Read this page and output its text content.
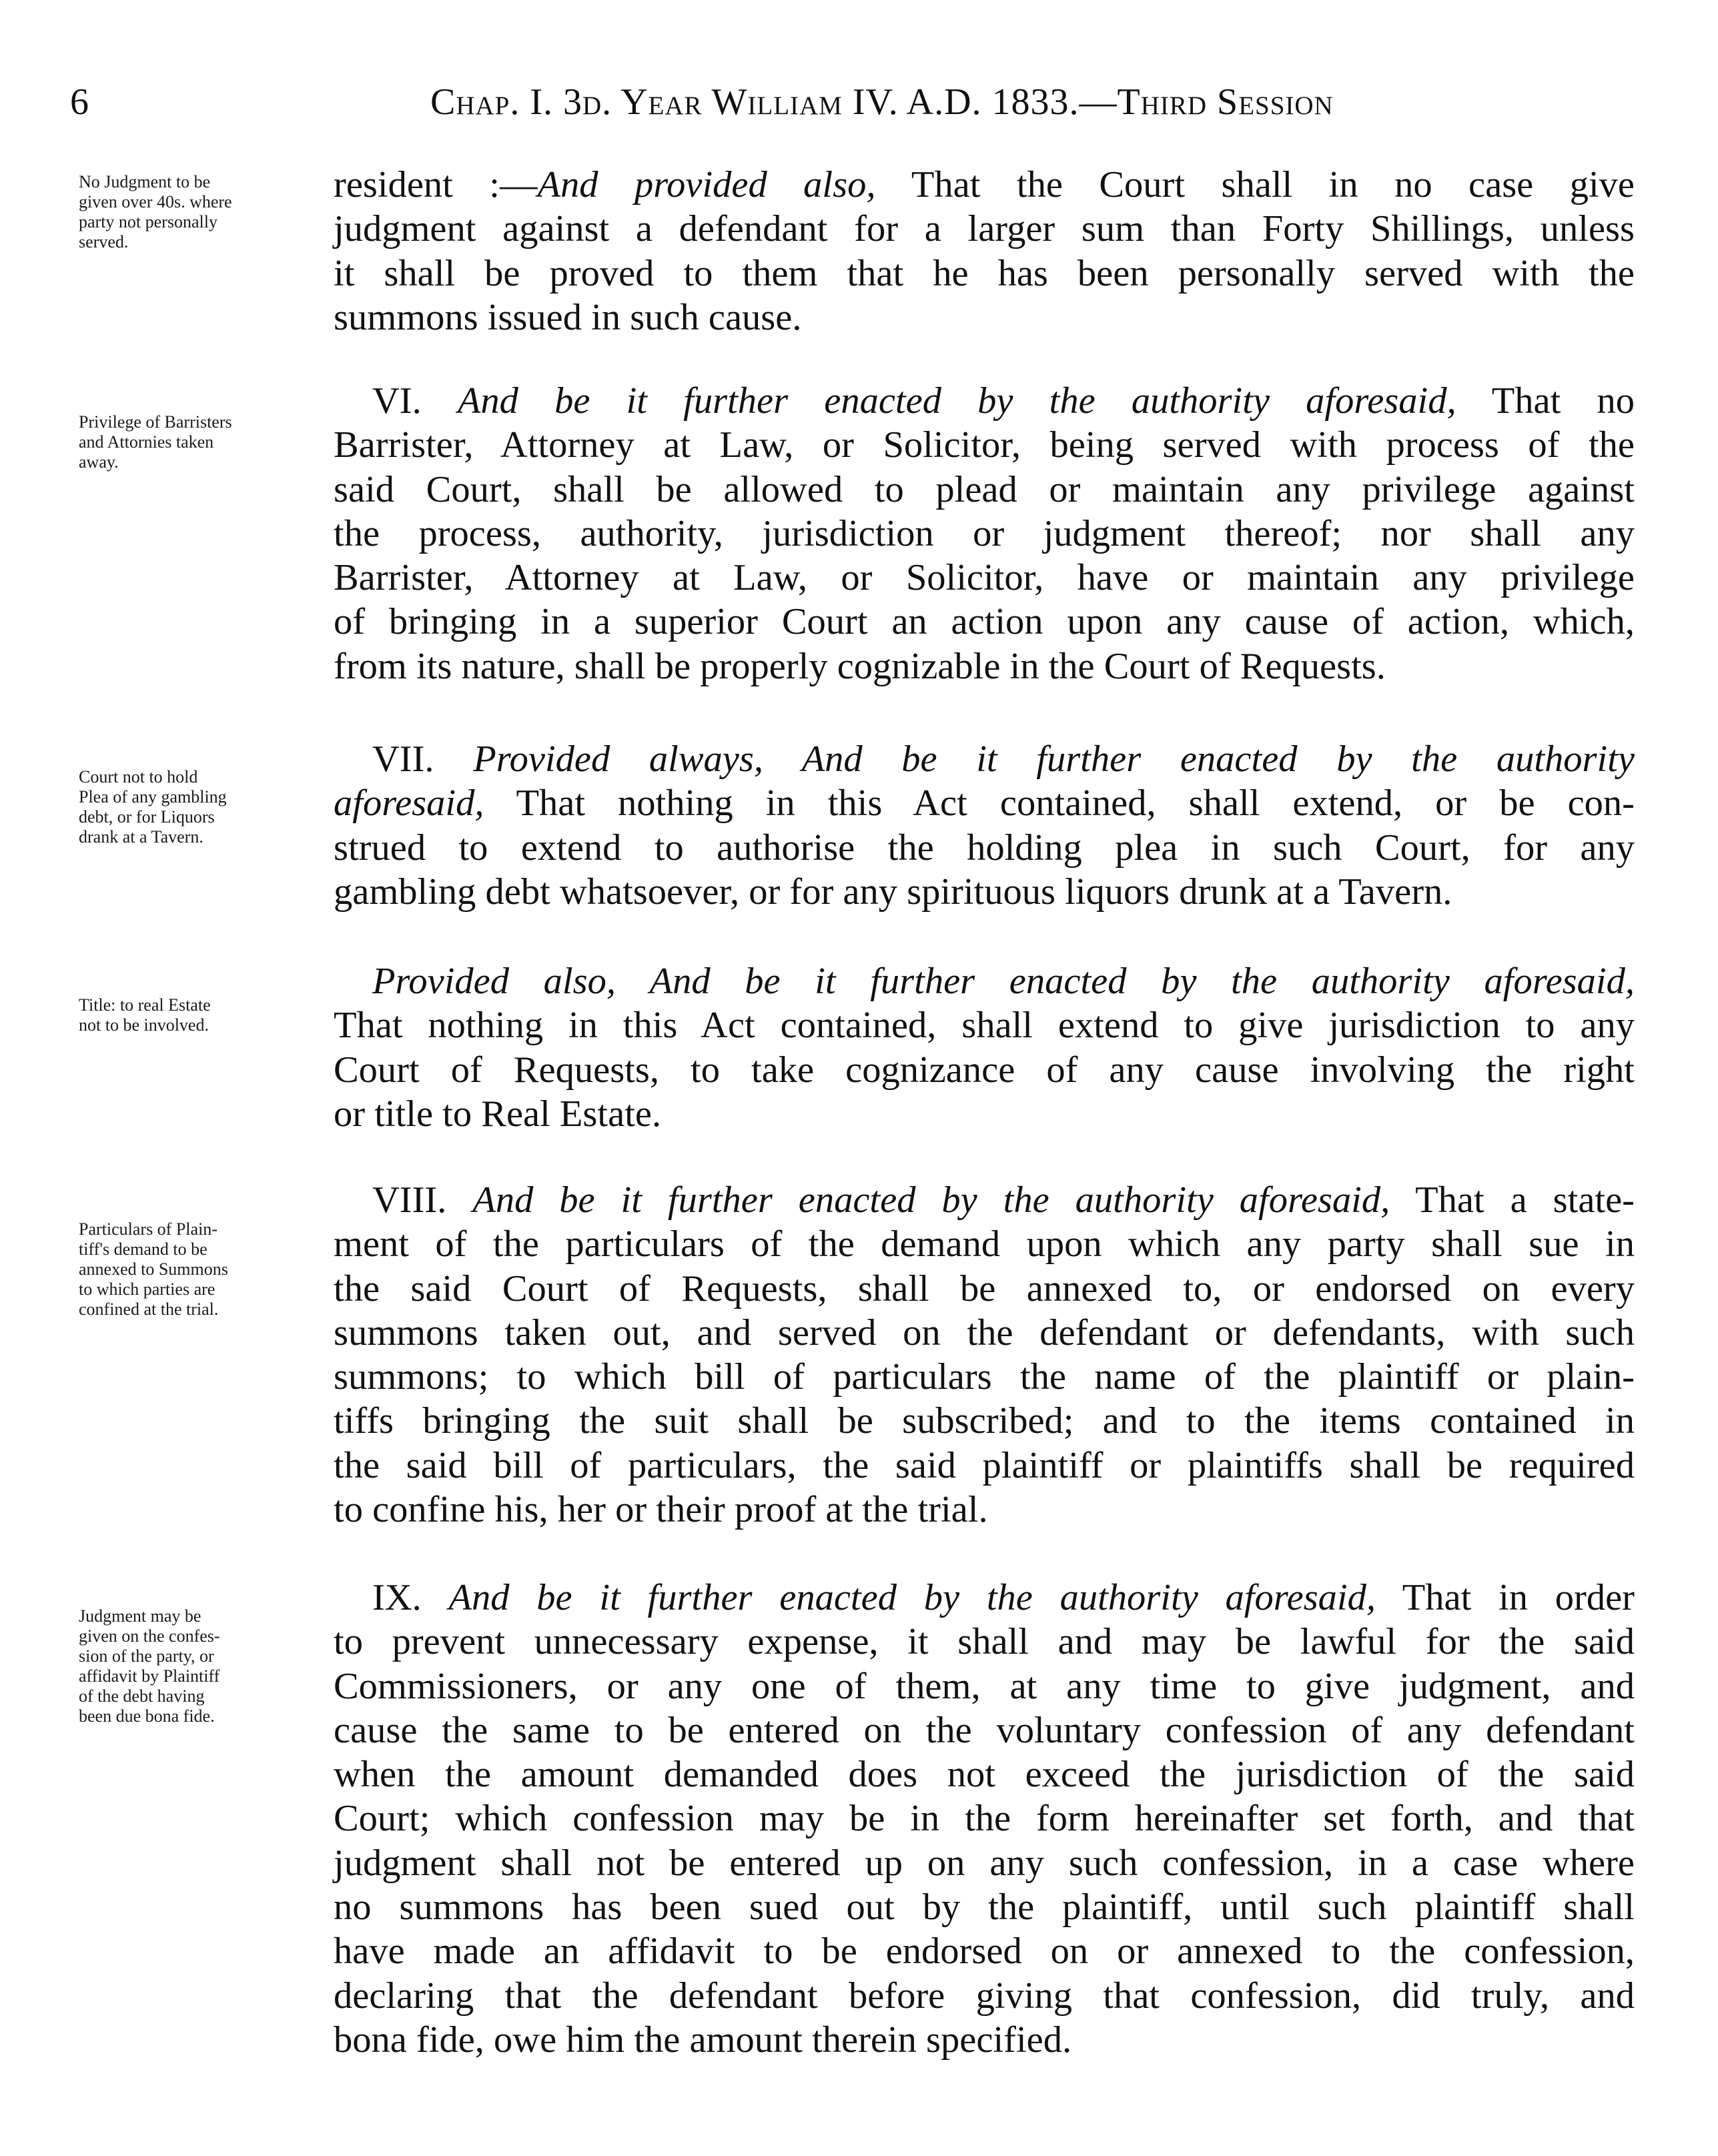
6	Chap. I. 3d. Year William IV. A.D. 1833.—Third Session
No Judgment to be
given over 40s. where
party not personally
served.
resident :—And provided also, That the Court shall in no case give
judgment against a defendant for a larger sum than Forty Shillings, unless
it shall be proved to them that he has been personally served with the
summons issued in such cause.
Privilege of Barristers
and Attornies taken
away.
VI. And be it further enacted by the authority aforesaid, That no
Barrister, Attorney at Law, or Solicitor, being served with process of the
said Court, shall be allowed to plead or maintain any privilege against
the process, authority, jurisdiction or judgment thereof; nor shall any
Barrister, Attorney at Law, or Solicitor, have or maintain any privilege
of bringing in a superior Court an action upon any cause of action, which,
from its nature, shall be properly cognizable in the Court of Requests.
Court not to hold
Plea of any gambling
debt, or for Liquors
drank at a Tavern.
VII. Provided always, And be it further enacted by the authority
aforesaid, That nothing in this Act contained, shall extend, or be con-
strued to extend to authorise the holding plea in such Court, for any
gambling debt whatsoever, or for any spirituous liquors drunk at a Tavern.
Title: to real Estate
not to be involved.
Provided also, And be it further enacted by the authority aforesaid,
That nothing in this Act contained, shall extend to give jurisdiction to any
Court of Requests, to take cognizance of any cause involving the right
or title to Real Estate.
Particulars of Plain-
tiff's demand to be
annexed to Summons
to which parties are
confined at the trial.
VIII. And be it further enacted by the authority aforesaid, That a state-
ment of the particulars of the demand upon which any party shall sue in
the said Court of Requests, shall be annexed to, or endorsed on every
summons taken out, and served on the defendant or defendants, with such
summons; to which bill of particulars the name of the plaintiff or plain-
tiffs bringing the suit shall be subscribed; and to the items contained in
the said bill of particulars, the said plaintiff or plaintiffs shall be required
to confine his, her or their proof at the trial.
Judgment may be
given on the confes-
sion of the party, or
affidavit by Plaintiff
of the debt having
been due bona fide.
IX. And be it further enacted by the authority aforesaid, That in order
to prevent unnecessary expense, it shall and may be lawful for the said
Commissioners, or any one of them, at any time to give judgment, and
cause the same to be entered on the voluntary confession of any defendant
when the amount demanded does not exceed the jurisdiction of the said
Court; which confession may be in the form hereinafter set forth, and that
judgment shall not be entered up on any such confession, in a case where
no summons has been sued out by the plaintiff, until such plaintiff shall
have made an affidavit to be endorsed on or annexed to the confession,
declaring that the defendant before giving that confession, did truly, and
bona fide, owe him the amount therein specified.
